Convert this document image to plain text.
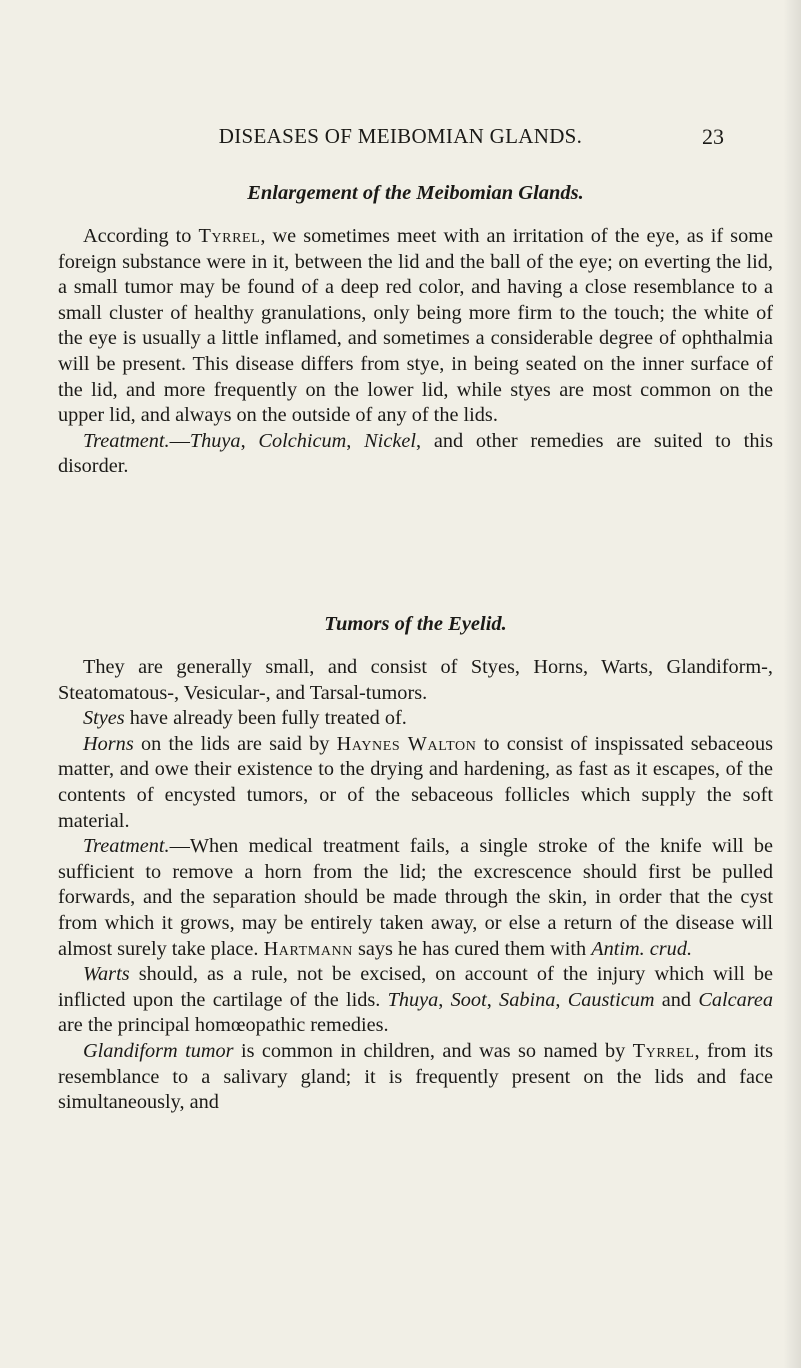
DISEASES OF MEIBOMIAN GLANDS.	23
Enlargement of the Meibomian Glands.

According to Tyrrel, we sometimes meet with an irritation of the eye, as if some foreign substance were in it, between the lid and the ball of the eye; on everting the lid, a small tumor may be found of a deep red color, and having a close resemblance to a small cluster of healthy granulations, only being more firm to the touch; the white of the eye is usually a little inflamed, and sometimes a considerable degree of ophthalmia will be present. This disease differs from stye, in being seated on the inner surface of the lid, and more frequently on the lower lid, while styes are most common on the upper lid, and always on the outside of any of the lids.

Treatment.—Thuya, Colchicum, Nickel, and other remedies are suited to this disorder.

Tumors of the Eyelid.

They are generally small, and consist of Styes, Horns, Warts, Glandiform-, Steatomatous-, Vesicular-, and Tarsal-tumors.

Styes have already been fully treated of.

Horns on the lids are said by Haynes Walton to consist of inspissated sebaceous matter, and owe their existence to the drying and hardening, as fast as it escapes, of the contents of encysted tumors, or of the sebaceous follicles which supply the soft material.

Treatment.—When medical treatment fails, a single stroke of the knife will be sufficient to remove a horn from the lid; the excrescence should first be pulled forwards, and the separation should be made through the skin, in order that the cyst from which it grows, may be entirely taken away, or else a return of the disease will almost surely take place. Hartmann says he has cured them with Antim. crud.

Warts should, as a rule, not be excised, on account of the injury which will be inflicted upon the cartilage of the lids. Thuya, Soot, Sabina, Causticum and Calcarea are the principal homœopathic remedies.

Glandiform tumor is common in children, and was so named by Tyrrel, from its resemblance to a salivary gland; it is frequently present on the lids and face simultaneously, and
